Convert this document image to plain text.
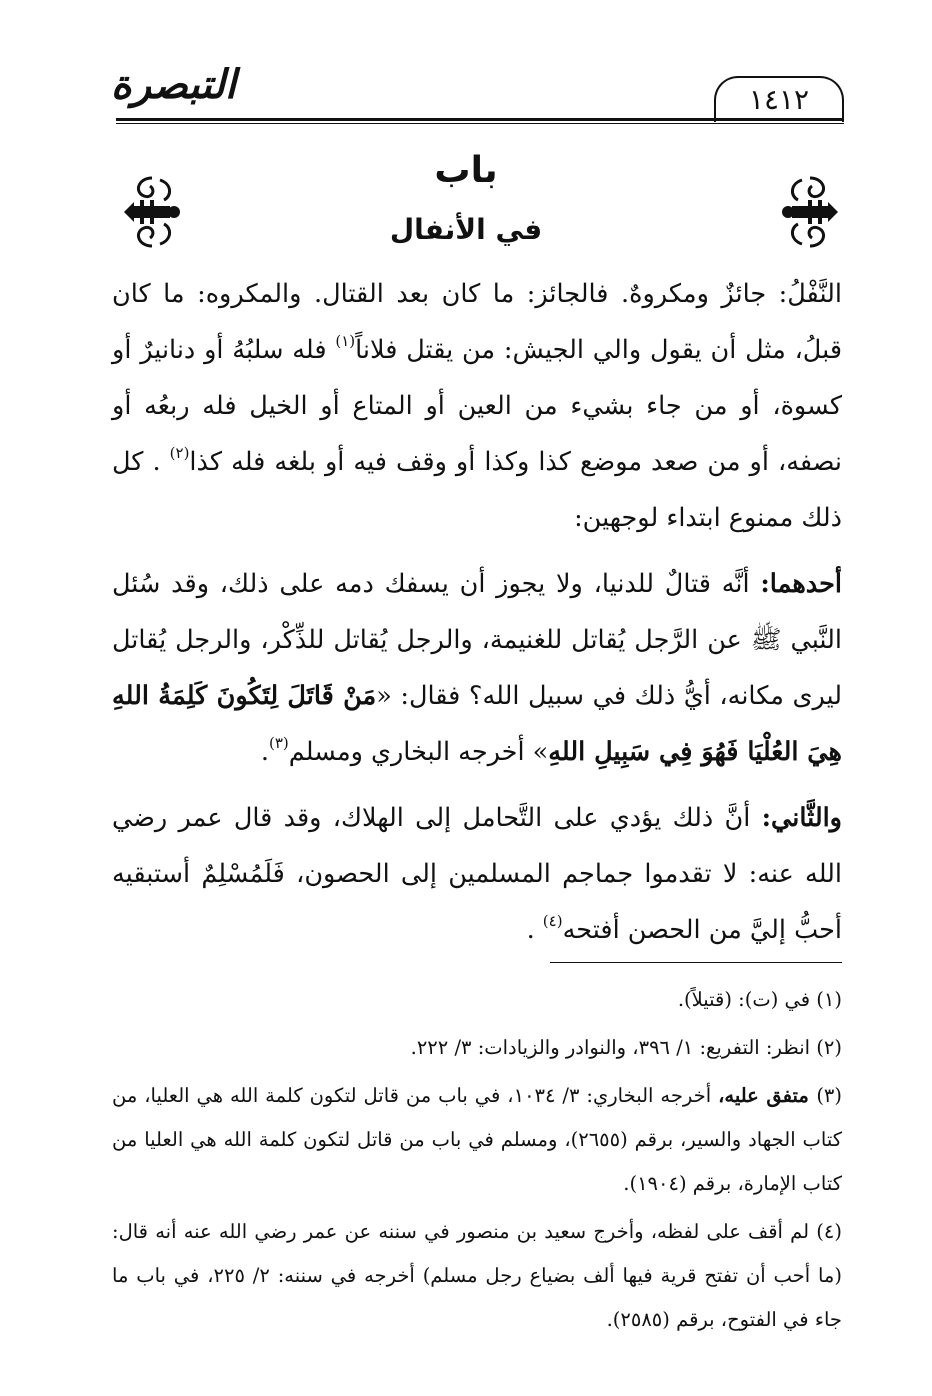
١٤١٢
التبصرة
باب
في الأنفال

النَّفْلُ: جائزٌ ومكروهٌ. فالجائز: ما كان بعد القتال. والمكروه: ما كان قبلُ، مثل أن يقول والي الجيش: من يقتل فلاناً$^{(١)}$ فله سلبُهُ أو دنانيرٌ أو كسوة، أو من جاء بشيء من العين أو المتاع أو الخيل فله ربعُه أو نصفه، أو من صعد موضع كذا وكذا أو وقف فيه أو بلغه فله كذا$^{(٢)}$ . كل ذلك ممنوع ابتداء لوجهين:

أحدهما: أنَّه قتالٌ للدنيا، ولا يجوز أن يسفك دمه على ذلك، وقد سُئل النَّبي ﷺ عن الرَّجل يُقاتل للغنيمة، والرجل يُقاتل للذِّكْر، والرجل يُقاتل ليرى مكانه، أيُّ ذلك في سبيل الله؟ فقال: «مَنْ قَاتَلَ لِتَكُونَ كَلِمَةُ اللهِ هِيَ العُلْيَا فَهُوَ فِي سَبِيلِ اللهِ» أخرجه البخاري ومسلم$^{(٣)}$.

والثَّاني: أنَّ ذلك يؤدي على التَّحامل إلى الهلاك، وقد قال عمر رضي الله عنه: لا تقدموا جماجم المسلمين إلى الحصون، فَلَمُسْلِمٌ أستبقيه أحبُّ إليَّ من الحصن أفتحه$^{(٤)}$ .

(١) في (ت): (قتيلاً).

(٢) انظر: التفريع: ١/ ٣٩٦، والنوادر والزيادات: ٣/ ٢٢٢.

(٣) متفق عليه، أخرجه البخاري: ٣/ ١٠٣٤، في باب من قاتل لتكون كلمة الله هي العليا، من كتاب الجهاد والسير، برقم (٢٦٥٥)، ومسلم في باب من قاتل لتكون كلمة الله هي العليا من كتاب الإمارة، برقم (١٩٠٤).

(٤) لم أقف على لفظه، وأخرج سعيد بن منصور في سننه عن عمر رضي الله عنه أنه قال: (ما أحب أن تفتح قرية فيها ألف بضياع رجل مسلم) أخرجه في سننه: ٢/ ٢٢٥، في باب ما جاء في الفتوح، برقم (٢٥٨٥).
